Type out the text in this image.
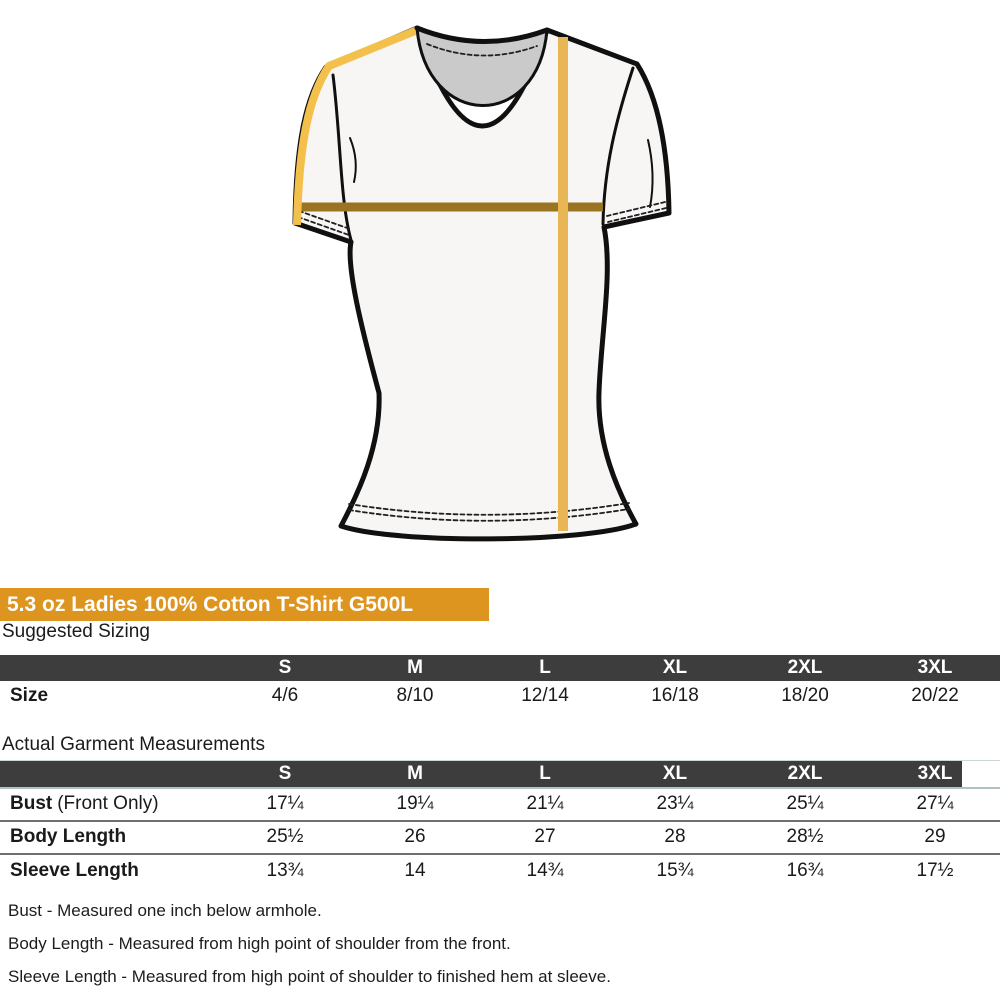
5.3 oz Ladies 100% Cotton T-Shirt G500L
Suggested Sizing
	S	M	L	XL	2XL	3XL
Size	4/6	8/10	12/14	16/18	18/20	20/22
Actual Garment Measurements
	S	M	L	XL	2XL	3XL
Bust (Front Only)	17¼	19¼	21¼	23¼	25¼	27¼
Body Length	25½	26	27	28	28½	29
Sleeve Length	13¾	14	14¾	15¾	16¾	17½

Bust - Measured one inch below armhole.

Body Length - Measured from high point of shoulder from the front.

Sleeve Length - Measured from high point of shoulder to finished hem at sleeve.
